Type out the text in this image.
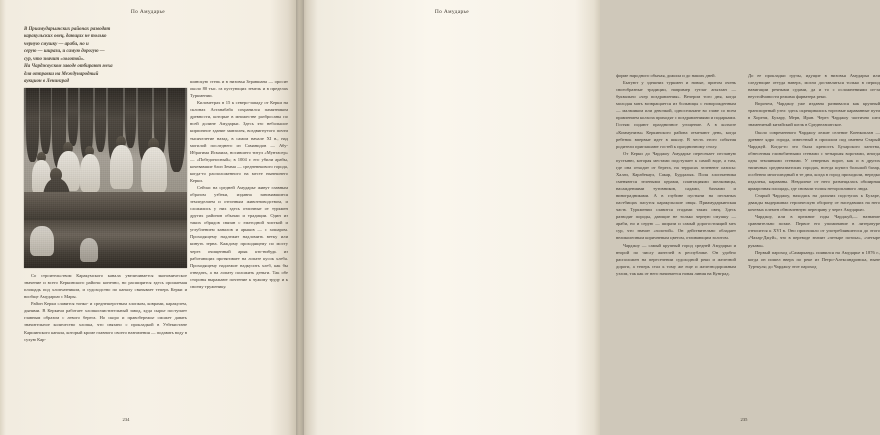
По Амударье
В Приамударьинских районах разводят
каракульских овец, дающих не только
черную смушку — араби, но и
серую — ширази, и самую дорогую —
сур, что значит «золотой».
На Чарджоуском заводе отбирают меха
для отправки на Международный
аукцион в Ленинград

Со строительством Каракумского канала увеличивается экономическое значение и всего Керкинского района: конечно, но расширится здесь орошаемая площадь под хлопчатником, и судоходство по каналу связывает теперь Керки и вообще Амударью с Мары.

Район Керки славится тонко- и среднешерстным хлопком, коврами, каракулем, дынями. В Керкичи работает хлопкоочистительный завод, куда сырье поступает главным образом с левого берега. Но скоро и правобережье сможет давать значительное количество хлопка, что связано с прокладкой в Узбекистане Каршинского канала, который кроме главного своего назначения — подавать воду в сухую Кар-

шинскую степь и в низовья Зеравшана — оросит около 80 тыс. га пустующих земель и в пределах Туркмении.

Километрах в 15 к северо-западу от Керки на склонах Астанабаба сохранился памятником древности, которые в множестве разбросаны по всей долине Амударьи. Здесь это небольшое кирпичное здание мавзолея, воздвигнутого почти тысячелетие назад, в самом начале XI в., над могилой последнего из Саманидов — Абу-Ибрагима Исмаила, носившего титул «Мунтасер» — «Победоносный»; в 1004 г. его убили арабы, кочевавшие близ Земма — средневекового города, когда-то расположенного на месте нынешнего Керки.

Сейчас на средней Амударье живут главным образом узбеки, издавна занимавшиеся земледелием и отгонным животноводством, и сложились у них здесь отличные от туркмен других районов обычаи и традиции. Один из таких обрядов связан с ежегодной чисткой и углублением каналов и арыков — с хошаром. Проходящему надлежит надломить ветку или кинуть зерна. Каждому проходящему по мосту через очищенный арык кто-нибудь из работающих протягивает на лопате кусок хлеба. Проходящему надлежит надкусить хлеб, как бы отведать, а на лопату положить деньги. Так обе стороны выражают почтение к чужому труду и к своему труженику.

234
По Амударье

форме народного обычая, дожила и до наших дней.

Бытуют у здешних туркмен и новые, притом очень своеобразные традиции, например гутлаг агызлан — буквально «чер поздравления». Вечером того дня, когда молодая мать возвращается из больницы с новорожденным — мальчиком или девочкой, односельчане во главе со всем правлением колхоза приходят с поздравлениями и подарками. Гостям подают праздничное угощение. А в колхозе «Коммунизм» Керкинского района отмечают день, когда ребенок впервые идет в школу. В честь этого события родители приглашают гостей к праздничному столу.

От Керки до Чарджоу Амударье пересекает песчаную пустыню, которая местами подступает к самой воде, а там, где она отходит от берега, на террасах зеленеют оазисы: Халач, Карабекаул, Сакар, Бурдалык. Поля хлопчатника сменяются зелеными церами, плантациями шелковицы, насаждениями тутовников, садами, бахчами и виноградниками. А в глубине пустыни на песчаных пастбищах пасутся каракульские овцы. Приамударьинская часть Туркмении славится стадами таких овец. Здесь разводят породы, дающие не только черную смушку — араби, но и серую — ширази и самый дорогостоящий мех сур, что значит «золотой». Он действительно обладает великолепным коричневым цветом, отливающим золотом.

Чарджоу — самый крупный город средней Амударьи и второй по числу жителей в республике. Он удобно расположен на пересечении судоходной реки и железной дороги, а теперь стал к тому же еще и железнодорожным узлом, так как от него начинается новая линия на Кунград.

До ее прокладки грузы, идущие в низовья Амударьи или следующие оттуда наверх, могли доставляться только в период навигации речными судами, да и то с осложнениями из-за неустойчивости режима фарватера реки.

Впрочем, Чарджоу уже издавна развивался как крупный транспортный узел: здесь скрещивались торговые караванные пути в Хорезм, Бухару, Мерв, Иран. Через Чарджоу частично шел знаменитый китайский шелк в Среднеазиатское.

Около современного Чарджоу лежит селение Коенкоплан — древнее ядро города, известный в прошлом под именем Старый Чарджуй. Когда-то это была крепость Бухарского ханства, обнесенная глинобитными стенами с четырьмя воротами, иногда одна земляными стенами. У северных ворот, как и в других типичных среднеазиатских городах, всегда шумел большой базар, особенно многолюдный в те дни, когда в город приходили, нередко издалека, караваны. Невдалеке от него размещалась обширная ярмарочная площадь, где сновали толпы неторопливого люда.

Старый Чарджоу, находясь на дальних подступах к Бухаре, дважды выдерживал героическую оборону от наседавших на него кочевых племен обновленную переправу у через Амударью.

Чарджоу, или в прежние годы Чарджуй,— название сравнительно позже. Первое его упоминание в литературе относится к XVI в. Оно произошло от употреблявшегося до этого «Чахар-Джуй», что в переводе значит «четыре потока», «четыре рукава».

Первый пароход «Самарканд» появился на Амударье в 1876 г., когда он пошел вверх по реке из Петро-Александровска, ныне Турткуля; до Чарджоу этот пароход

235
